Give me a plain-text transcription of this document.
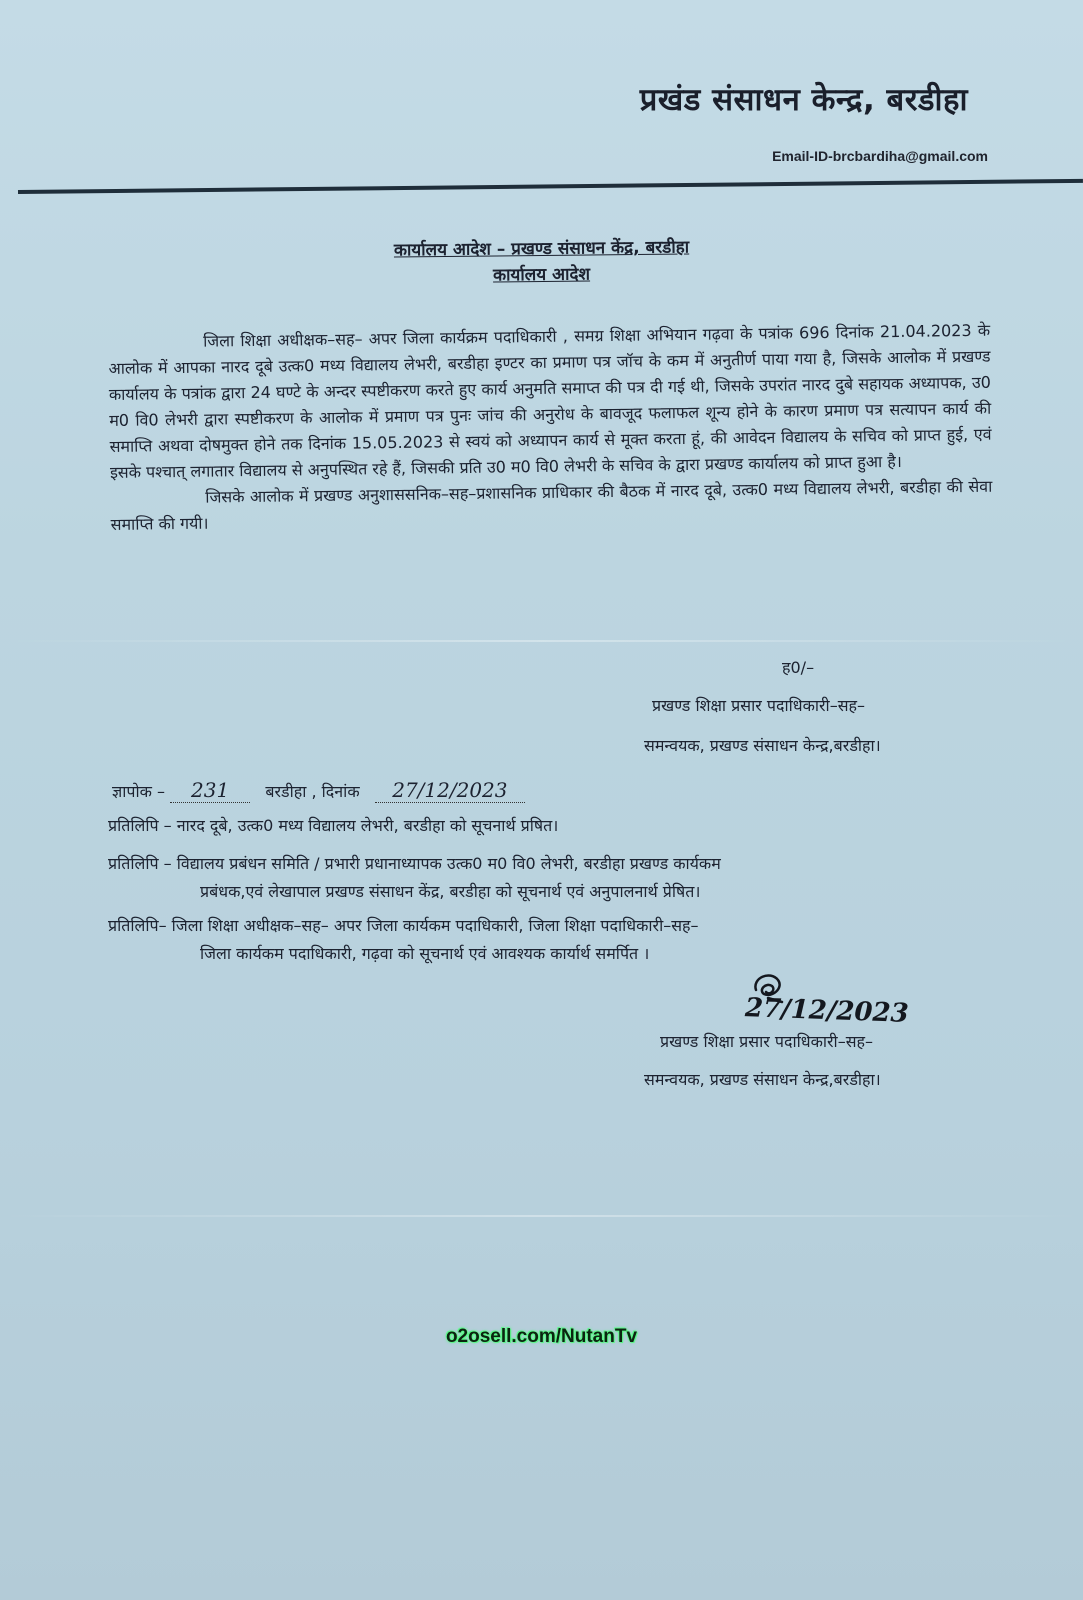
प्रखंड संसाधन केन्द्र, बरडीहा
Email-ID-brcbardiha@gmail.com
कार्यालय आदेश – प्रखण्ड संसाधन केंद्र, बरडीहा
कार्यालय आदेश

जिला शिक्षा अधीक्षक–सह– अपर जिला कार्यक्रम पदाधिकारी , समग्र शिक्षा अभियान गढ़वा के पत्रांक 696 दिनांक 21.04.2023 के आलोक में आपका नारद दूबे उत्क0 मध्य विद्यालय लेभरी, बरडीहा इण्टर का प्रमाण पत्र जॉच के कम में अनुतीर्ण पाया गया है, जिसके आलोक में प्रखण्ड कार्यालय के पत्रांक द्वारा 24 घण्टे के अन्दर स्पष्टीकरण करते हुए कार्य अनुमति समाप्त की पत्र दी गई थी, जिसके उपरांत नारद दुबे सहायक अध्यापक, उ0 म0 वि0 लेभरी द्वारा स्पष्टीकरण के आलोक में प्रमाण पत्र पुनः जांच की अनुरोध के बावजूद फलाफल शून्य होने के कारण प्रमाण पत्र सत्यापन कार्य की समाप्ति अथवा दोषमुक्त होने तक दिनांक 15.05.2023 से स्वयं को अध्यापन कार्य से मूक्त करता हूं, की आवेदन विद्यालय के सचिव को प्राप्त हुई, एवं इसके पश्चात् लगातार विद्यालय से अनुपस्थित रहे हैं, जिसकी प्रति उ0 म0 वि0 लेभरी के सचिव के द्वारा प्रखण्ड कार्यालय को प्राप्त हुआ है।

जिसके आलोक में प्रखण्ड अनुशाससनिक–सह–प्रशासनिक प्राधिकार की बैठक में नारद दूबे, उत्क0 मध्य विद्यालय लेभरी, बरडीहा की सेवा समाप्ति की गयी।

ह0/–
प्रखण्ड शिक्षा प्रसार पदाधिकारी–सह–
समन्वयक, प्रखण्ड संसाधन केन्द्र,बरडीहा।
ज्ञापोक – 231 बरडीहा , दिनांक 27/12/2023
प्रतिलिपि – नारद दूबे, उत्क0 मध्य विद्यालय लेभरी, बरडीहा को सूचनार्थ प्रषित।
प्रतिलिपि – विद्यालय प्रबंधन समिति / प्रभारी प्रधानाध्यापक उत्क0 म0 वि0 लेभरी, बरडीहा प्रखण्ड कार्यकम
प्रबंधक,एवं लेखापाल प्रखण्ड संसाधन केंद्र, बरडीहा को सूचनार्थ एवं अनुपालनार्थ प्रेषित।
प्रतिलिपि– जिला शिक्षा अधीक्षक–सह– अपर जिला कार्यकम पदाधिकारी, जिला शिक्षा पदाधिकारी–सह–
जिला कार्यकम पदाधिकारी, गढ़वा को सूचनार्थ एवं आवश्यक कार्यार्थ समर्पित ।
27/12/2023
प्रखण्ड शिक्षा प्रसार पदाधिकारी–सह–
समन्वयक, प्रखण्ड संसाधन केन्द्र,बरडीहा।
o2osell.com/NutanTv
